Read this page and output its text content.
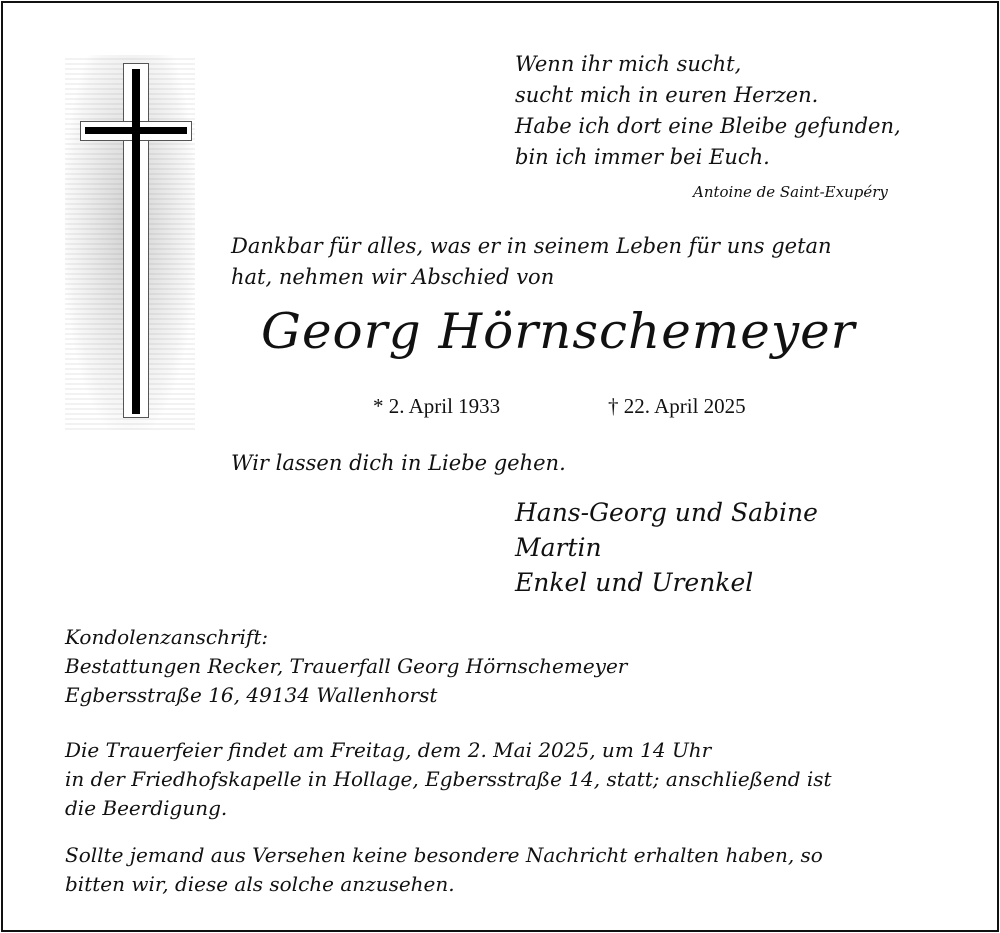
Wenn ihr mich sucht,
sucht mich in euren Herzen.
Habe ich dort eine Bleibe gefunden,
bin ich immer bei Euch.
Antoine de Saint-Exupéry
Dankbar für alles, was er in seinem Leben für uns getan
hat, nehmen wir Abschied von
Georg Hörnschemeyer
* 2. April 1933	† 22. April 2025
Wir lassen dich in Liebe gehen.
Hans-Georg und Sabine
Martin
Enkel und Urenkel
Kondolenzanschrift:
Bestattungen Recker, Trauerfall Georg Hörnschemeyer
Egbersstraße 16, 49134 Wallenhorst
Die Trauerfeier findet am Freitag, dem 2. Mai 2025, um 14 Uhr
in der Friedhofskapelle in Hollage, Egbersstraße 14, statt; anschließend ist
die Beerdigung.
Sollte jemand aus Versehen keine besondere Nachricht erhalten haben, so
bitten wir, diese als solche anzusehen.
